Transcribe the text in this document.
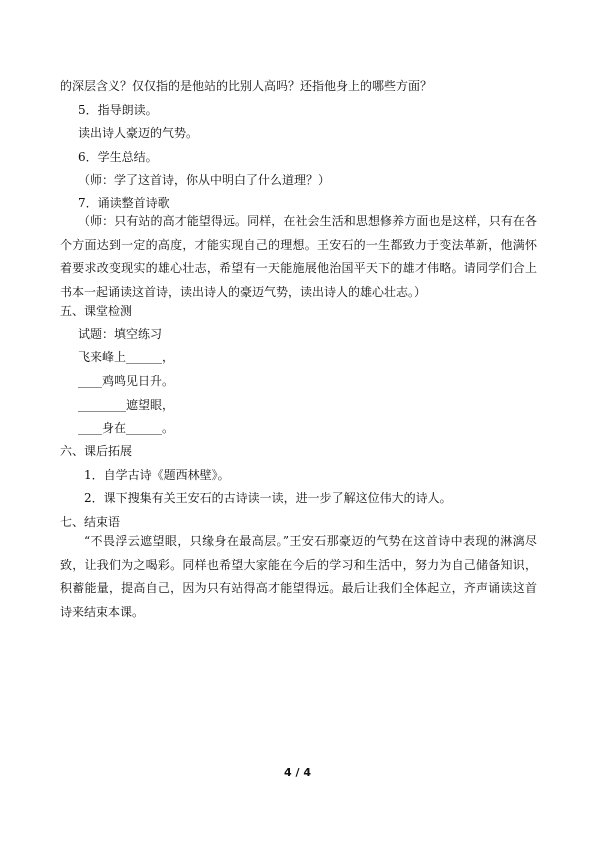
的深层含义？仅仅指的是他站的比别人高吗？还指他身上的哪些方面？
5．指导朗读。
读出诗人豪迈的气势。
6．学生总结。
（师：学了这首诗，你从中明白了什么道理？）
7．诵读整首诗歌
（师：只有站的高才能望得远。同样，在社会生活和思想修养方面也是这样，只有在各个方面达到一定的高度，才能实现自己的理想。王安石的一生都致力于变法革新，他满怀着要求改变现实的雄心壮志，希望有一天能施展他治国平天下的雄才伟略。请同学们合上书本一起诵读这首诗，读出诗人的豪迈气势，读出诗人的雄心壮志。）
五、课堂检测
试题：填空练习
飞来峰上______，
____鸡鸣见日升。
________遮望眼，
____身在______。
六、课后拓展
1．自学古诗《题西林壁》。
2．课下搜集有关王安石的古诗读一读，进一步了解这位伟大的诗人。
七、结束语
“不畏浮云遮望眼，只缘身在最高层。”王安石那豪迈的气势在这首诗中表现的淋漓尽致，让我们为之喝彩。同样也希望大家能在今后的学习和生活中，努力为自己储备知识，积蓄能量，提高自己，因为只有站得高才能望得远。最后让我们全体起立，齐声诵读这首诗来结束本课。
4 / 4
